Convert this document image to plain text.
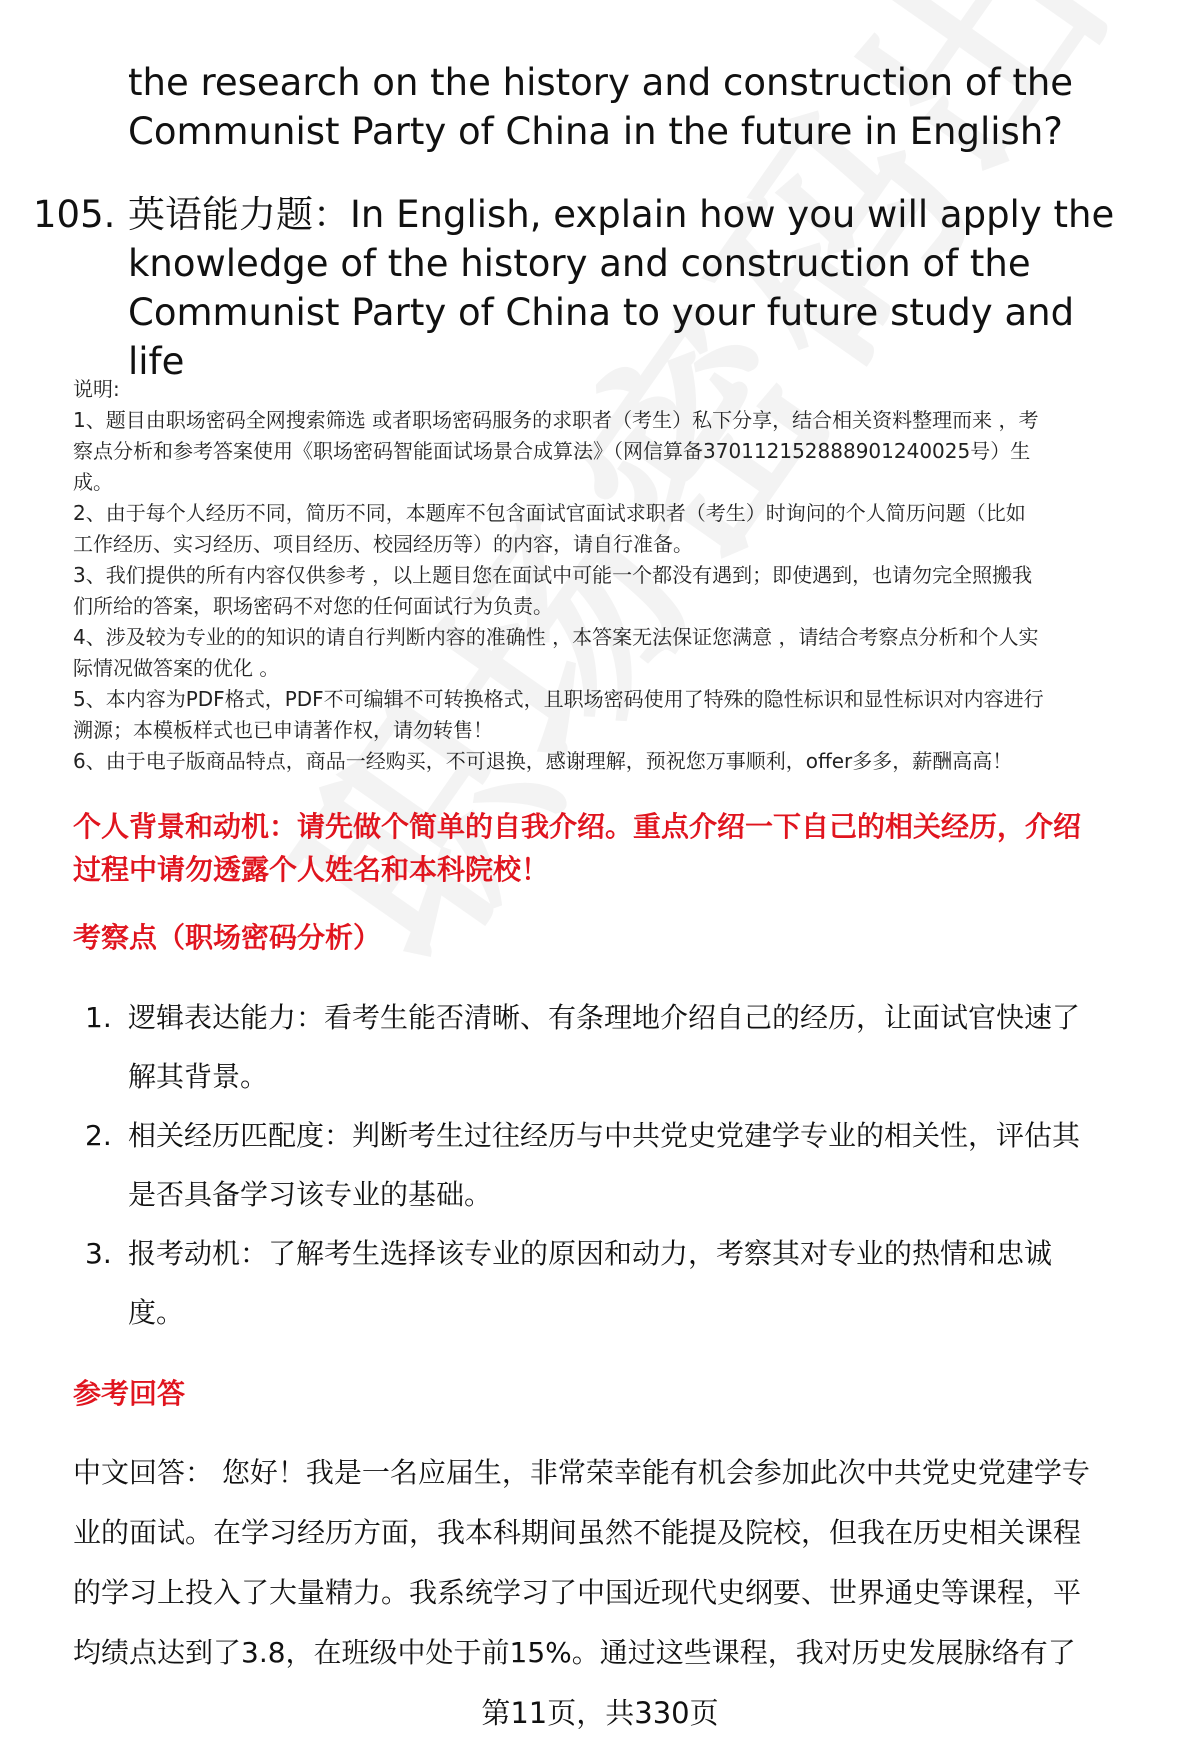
the research on the history and construction of the
Communist Party of China in the future in English?
105. 英语能力题：In English, explain how you will apply the
knowledge of the history and construction of the
Communist Party of China to your future study and life
说明:
1、题目由职场密码全网搜索筛选 或者职场密码服务的求职者（考生）私下分享，结合相关资料整理而来 ，考
察点分析和参考答案使用《职场密码智能面试场景合成算法》（网信算备370112152888901240025号）生
成。
2、由于每个人经历不同，简历不同，本题库不包含面试官面试求职者（考生）时询问的个人简历问题（比如
工作经历、实习经历、项目经历、校园经历等）的内容，请自行准备。
3、我们提供的所有内容仅供参考 ，以上题目您在面试中可能一个都没有遇到；即使遇到，也请勿完全照搬我
们所给的答案，职场密码不对您的任何面试行为负责。
4、涉及较为专业的的知识的请自行判断内容的准确性 ，本答案无法保证您满意 ，请结合考察点分析和个人实
际情况做答案的优化 。
5、本内容为PDF格式，PDF不可编辑不可转换格式，且职场密码使用了特殊的隐性标识和显性标识对内容进行
溯源；本模板样式也已申请著作权，请勿转售！
6、由于电子版商品特点，商品一经购买，不可退换，感谢理解，预祝您万事顺利，offer多多，薪酬高高！
个人背景和动机：请先做个简单的自我介绍。重点介绍一下自己的相关经历，介绍
过程中请勿透露个人姓名和本科院校！
考察点（职场密码分析）
1. 逻辑表达能力：看考生能否清晰、有条理地介绍自己的经历，让面试官快速了
解其背景。
2. 相关经历匹配度：判断考生过往经历与中共党史党建学专业的相关性，评估其
是否具备学习该专业的基础。
3. 报考动机：了解考生选择该专业的原因和动力，考察其对专业的热情和忠诚
度。
参考回答
中文回答： 您好！我是一名应届生，非常荣幸能有机会参加此次中共党史党建学专
业的面试。在学习经历方面，我本科期间虽然不能提及院校，但我在历史相关课程
的学习上投入了大量精力。我系统学习了中国近现代史纲要、世界通史等课程，平
均绩点达到了3.8，在班级中处于前15%。通过这些课程，我对历史发展脉络有了
第11页，共330页
